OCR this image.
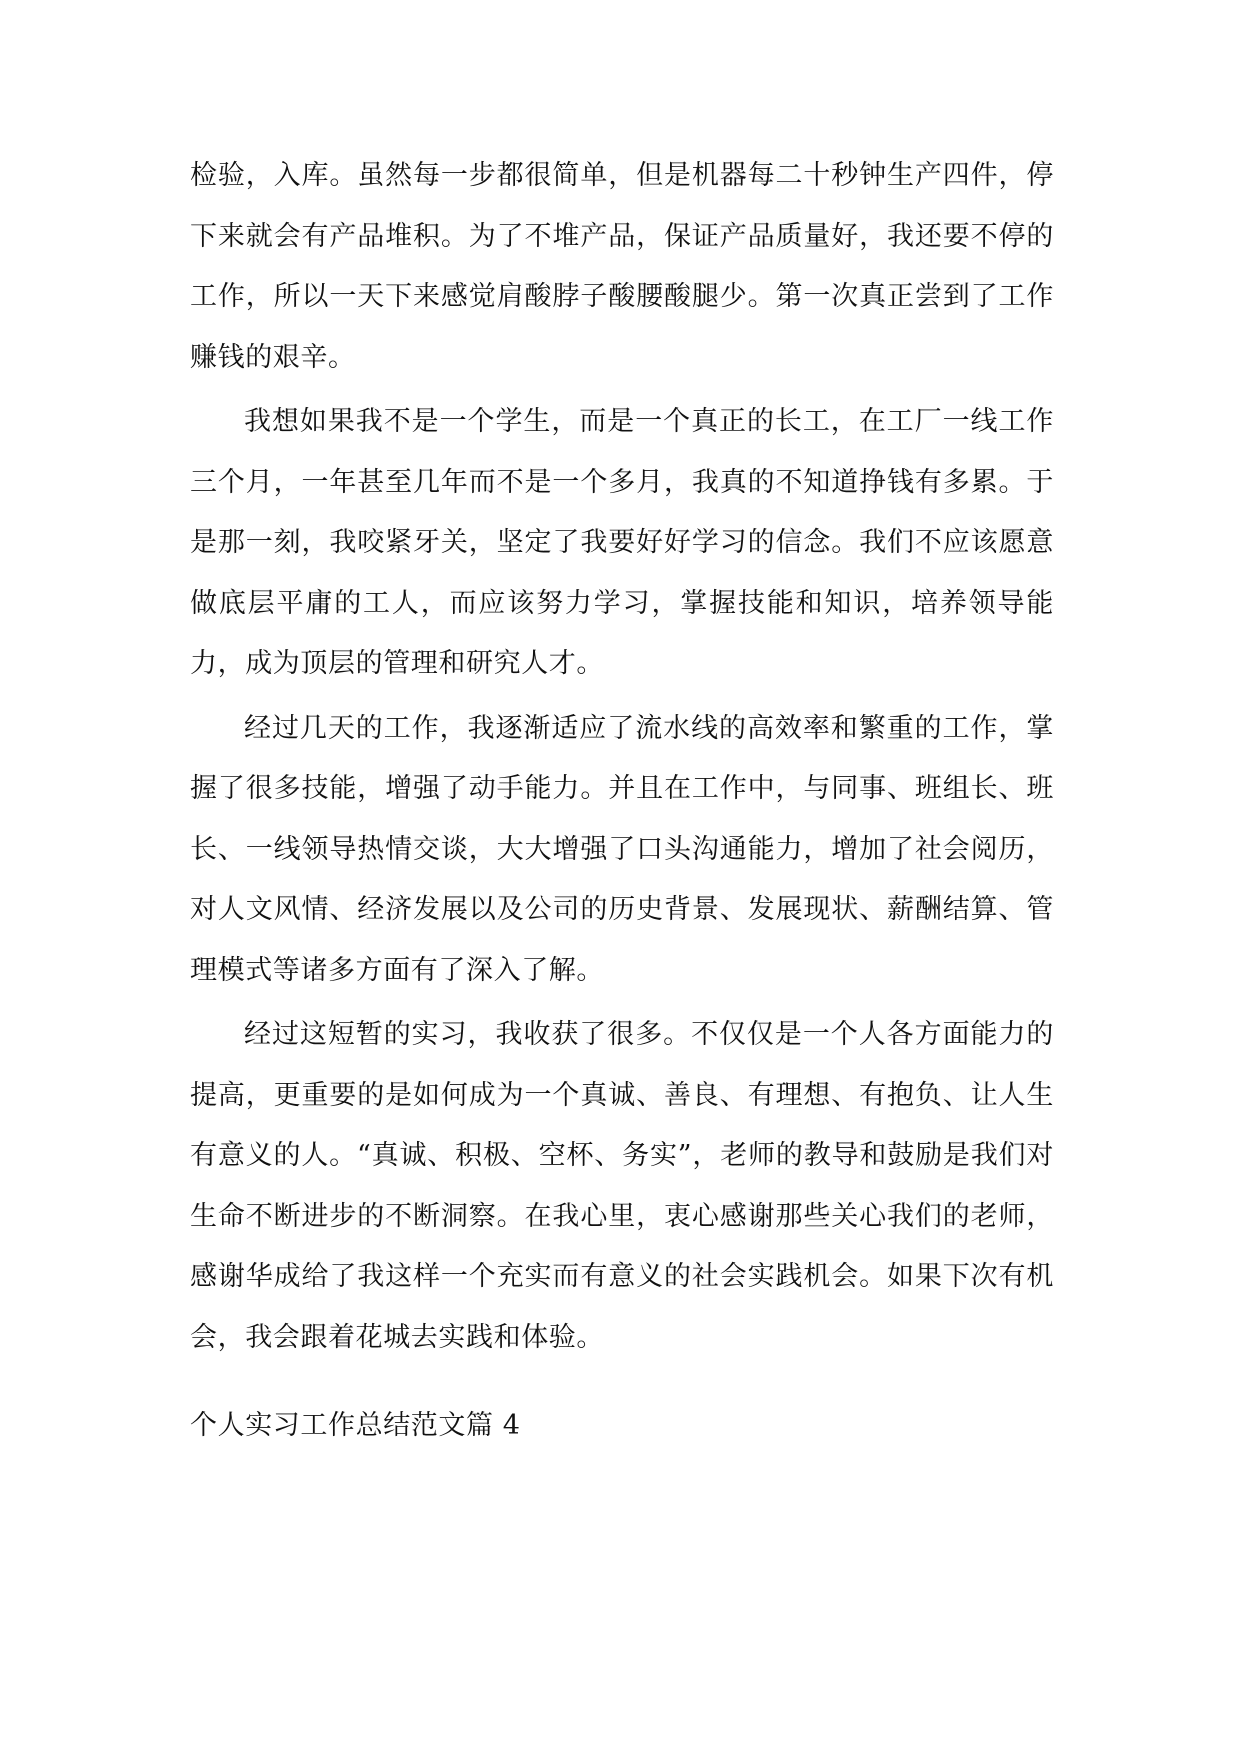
检验，入库。虽然每一步都很简单，但是机器每二十秒钟生产四件，停下来就会有产品堆积。为了不堆产品，保证产品质量好，我还要不停的工作，所以一天下来感觉肩酸脖子酸腰酸腿少。第一次真正尝到了工作赚钱的艰辛。

我想如果我不是一个学生，而是一个真正的长工，在工厂一线工作三个月，一年甚至几年而不是一个多月，我真的不知道挣钱有多累。于是那一刻，我咬紧牙关，坚定了我要好好学习的信念。我们不应该愿意做底层平庸的工人，而应该努力学习，掌握技能和知识，培养领导能力，成为顶层的管理和研究人才。

经过几天的工作，我逐渐适应了流水线的高效率和繁重的工作，掌握了很多技能，增强了动手能力。并且在工作中，与同事、班组长、班长、一线领导热情交谈，大大增强了口头沟通能力，增加了社会阅历，对人文风情、经济发展以及公司的历史背景、发展现状、薪酬结算、管理模式等诸多方面有了深入了解。

经过这短暂的实习，我收获了很多。不仅仅是一个人各方面能力的提高，更重要的是如何成为一个真诚、善良、有理想、有抱负、让人生有意义的人。“真诚、积极、空杯、务实”，老师的教导和鼓励是我们对生命不断进步的不断洞察。在我心里，衷心感谢那些关心我们的老师，感谢华成给了我这样一个充实而有意义的社会实践机会。如果下次有机会，我会跟着花城去实践和体验。

个人实习工作总结范文篇 4
